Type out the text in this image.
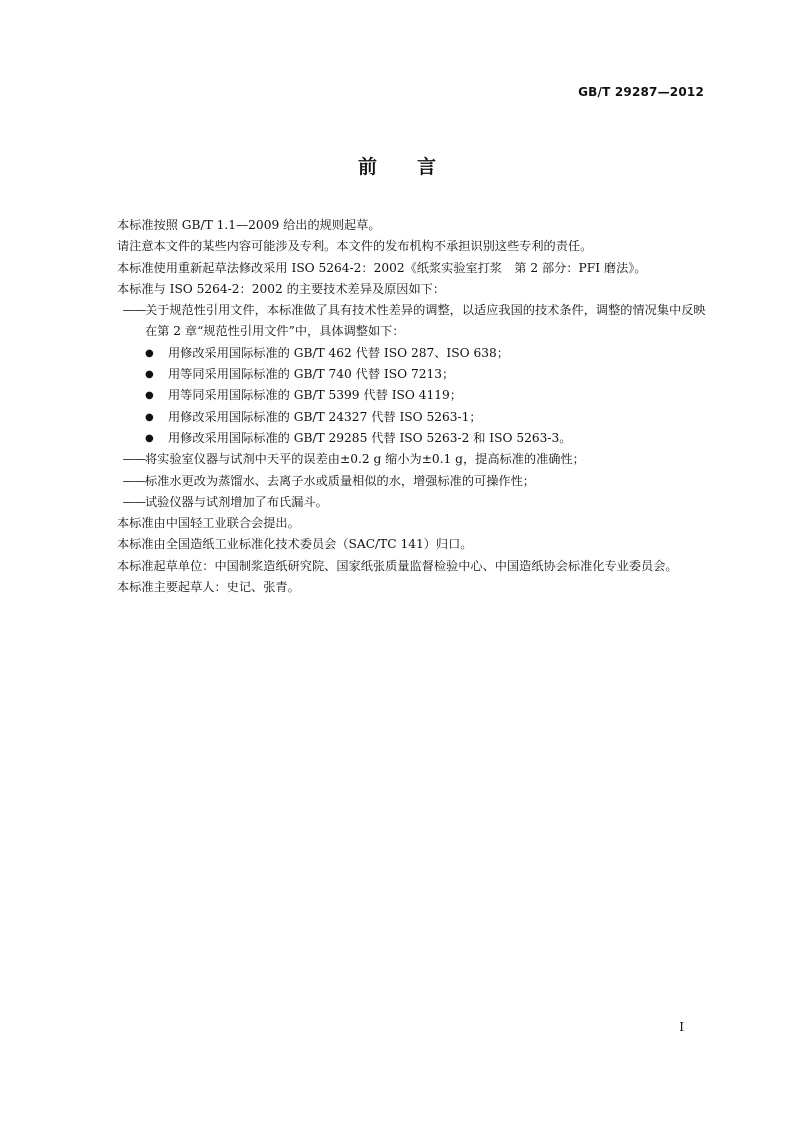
GB/T 29287—2012
前言

本标准按照 GB/T 1.1—2009 给出的规则起草。

请注意本文件的某些内容可能涉及专利。本文件的发布机构不承担识别这些专利的责任。

本标准使用重新起草法修改采用 ISO 5264-2：2002《纸浆实验室打浆　第 2 部分：PFI 磨法》。

本标准与 ISO 5264-2：2002 的主要技术差异及原因如下：

—— 关于规范性引用文件，本标准做了具有技术性差异的调整，以适应我国的技术条件，调整的情况集中反映在第 2 章“规范性引用文件”中，具体调整如下：
●	用修改采用国际标准的 GB/T 462 代替 ISO 287、ISO 638；
●	用等同采用国际标准的 GB/T 740 代替 ISO 7213；
●	用等同采用国际标准的 GB/T 5399 代替 ISO 4119；
●	用修改采用国际标准的 GB/T 24327 代替 ISO 5263-1；
●	用修改采用国际标准的 GB/T 29285 代替 ISO 5263-2 和 ISO 5263-3。
—— 将实验室仪器与试剂中天平的误差由±0.2 g 缩小为±0.1 g，提高标准的准确性；
—— 标准水更改为蒸馏水、去离子水或质量相似的水，增强标准的可操作性；
—— 试验仪器与试剂增加了布氏漏斗。

本标准由中国轻工业联合会提出。

本标准由全国造纸工业标准化技术委员会（SAC/TC 141）归口。

本标准起草单位：中国制浆造纸研究院、国家纸张质量监督检验中心、中国造纸协会标准化专业委员会。

本标准主要起草人：史记、张青。

I
